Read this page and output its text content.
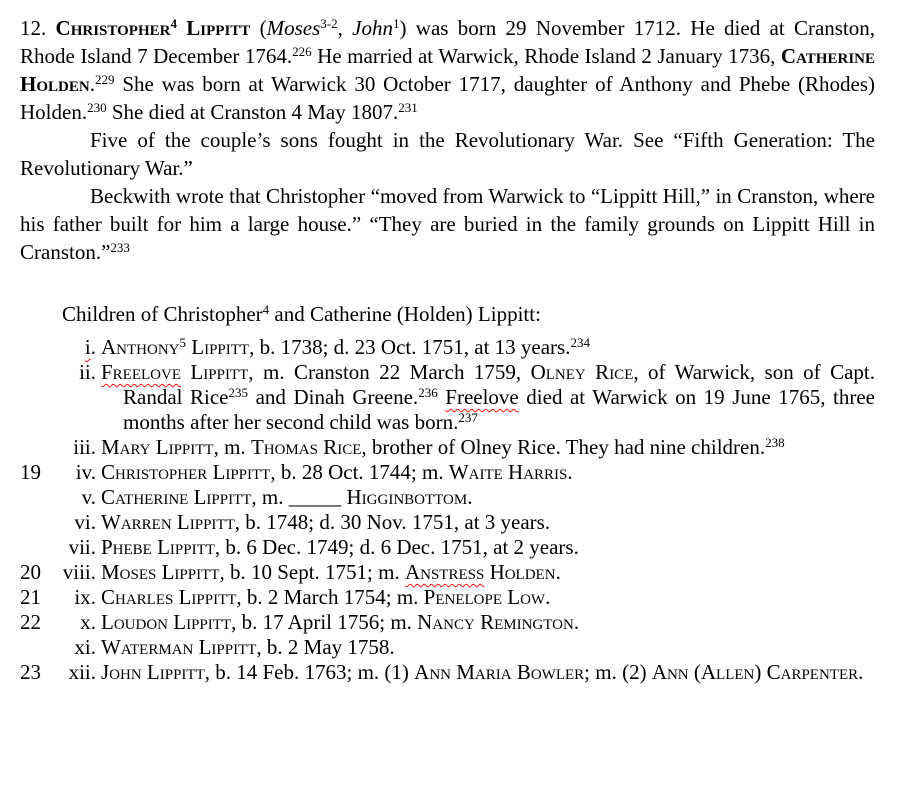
12. Christopher$^4$ Lippitt (Moses$^{3-2}$, John$^1$) was born 29 November 1712. He died at Cranston, Rhode Island 7 December 1764.$^{226}$ He married at Warwick, Rhode Island 2 January 1736, Catherine Holden.$^{229}$ She was born at Warwick 30 October 1717, daughter of Anthony and Phebe (Rhodes) Holden.$^{230}$ She died at Cranston 4 May 1807.$^{231}$
Five of the couple’s sons fought in the Revolutionary War. See “Fifth Generation: The Revolutionary War.”
Beckwith wrote that Christopher “moved from Warwick to “Lippitt Hill,” in Cranston, where his father built for him a large house.” “They are buried in the family grounds on Lippitt Hill in Cranston.”$^{233}$
Children of Christopher$^4$ and Catherine (Holden) Lippitt:
i. Anthony$^5$ Lippitt, b. 1738; d. 23 Oct. 1751, at 13 years.$^{234}$
ii. Freelove Lippitt, m. Cranston 22 March 1759, Olney Rice, of Warwick, son of Capt. Randal Rice$^{235}$ and Dinah Greene.$^{236}$ Freelove died at Warwick on 19 June 1765, three months after her second child was born.$^{237}$
iii. Mary Lippitt, m. Thomas Rice, brother of Olney Rice. They had nine children.$^{238}$
19	iv. Christopher Lippitt, b. 28 Oct. 1744; m. Waite Harris.
v. Catherine Lippitt, m. _____ Higginbottom.
vi. Warren Lippitt, b. 1748; d. 30 Nov. 1751, at 3 years.
vii. Phebe Lippitt, b. 6 Dec. 1749; d. 6 Dec. 1751, at 2 years.
20	viii. Moses Lippitt, b. 10 Sept. 1751; m. Anstress Holden.
21	ix. Charles Lippitt, b. 2 March 1754; m. Penelope Low.
22	x. Loudon Lippitt, b. 17 April 1756; m. Nancy Remington.
xi. Waterman Lippitt, b. 2 May 1758.
23	xii. John Lippitt, b. 14 Feb. 1763; m. (1) Ann Maria Bowler; m. (2) Ann (Allen) Carpenter.
